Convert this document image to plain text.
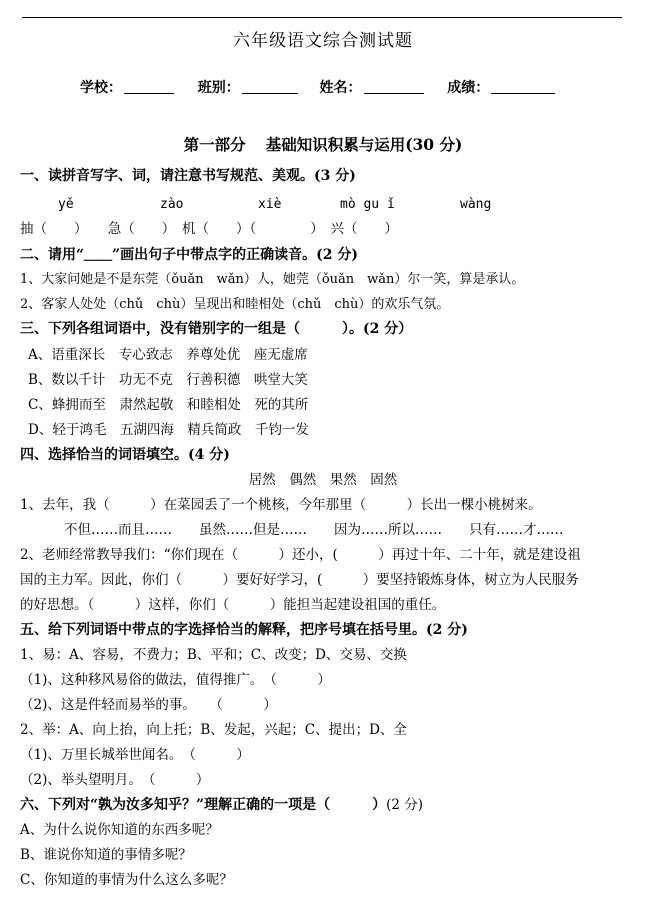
六年级语文综合测试题
学校：	班别：	姓名：	成绩：
第一部分 基础知识积累与运用(30 分)
一、读拼音写字、词，请注意书写规范、美观。(3 分)
yě	zào	xiè	mò gu ǐ	wàng
抽（　　）　　急（　　）　机（　　）（　　　　）　兴（　　）
二、请用“＿＿”画出句子中带点字的正确读音。(2 分)
1、大家问她是不是东莞（ǒuǎn　wǎn）人，她莞（ǒuǎn　wǎn）尔一笑，算是承认。
2、客家人处处（chǔ　chù）呈现出和睦相处（chǔ　chù）的欢乐气氛。
三、下列各组词语中，没有错别字的一组是（　　　）。(2 分）
A、语重深长　专心致志　养尊处优　座无虚席
B、数以千计　功无不克　行善积德　哄堂大笑
C、蜂拥而至　肃然起敬　和睦相处　死的其所
D、轻于鸿毛　五湖四海　精兵简政　千钧一发
四、选择恰当的词语填空。(4 分)
居然　偶然　果然　固然
1、去年，我（　　　）在菜园丢了一个桃核，今年那里（　　　）长出一棵小桃树来。
不但……而且……　　虽然……但是……　　因为……所以……　　只有……才……
2、老师经常教导我们：“你们现在（　　　）还小，(　　　）再过十年、二十年，就是建设祖
国的主力军。因此，你们（　　　）要好好学习，(　　　）要坚持锻炼身体，树立为人民服务
的好思想。（　　　）这样，你们（　　　）能担当起建设祖国的重任。
五、给下列词语中带点的字选择恰当的解释，把序号填在括号里。(2 分)
1、易：A、容易，不费力；B、平和；C、改变；D、交易、交换
（1)、这种移风易俗的做法，值得推广。　（　　　）
（2)、这是件轻而易举的事。　　（　　　）
2、举：A、向上抬，向上托；B、发起，兴起；C、提出；D、全
（1)、万里长城举世闻名。　（　　　）
（2)、举头望明月。　（　　　）
六、下列对“孰为汝多知乎？”理解正确的一项是（　　　）(2 分)
A、为什么说你知道的东西多呢？
B、谁说你知道的事情多呢？
C、你知道的事情为什么这么多呢？
